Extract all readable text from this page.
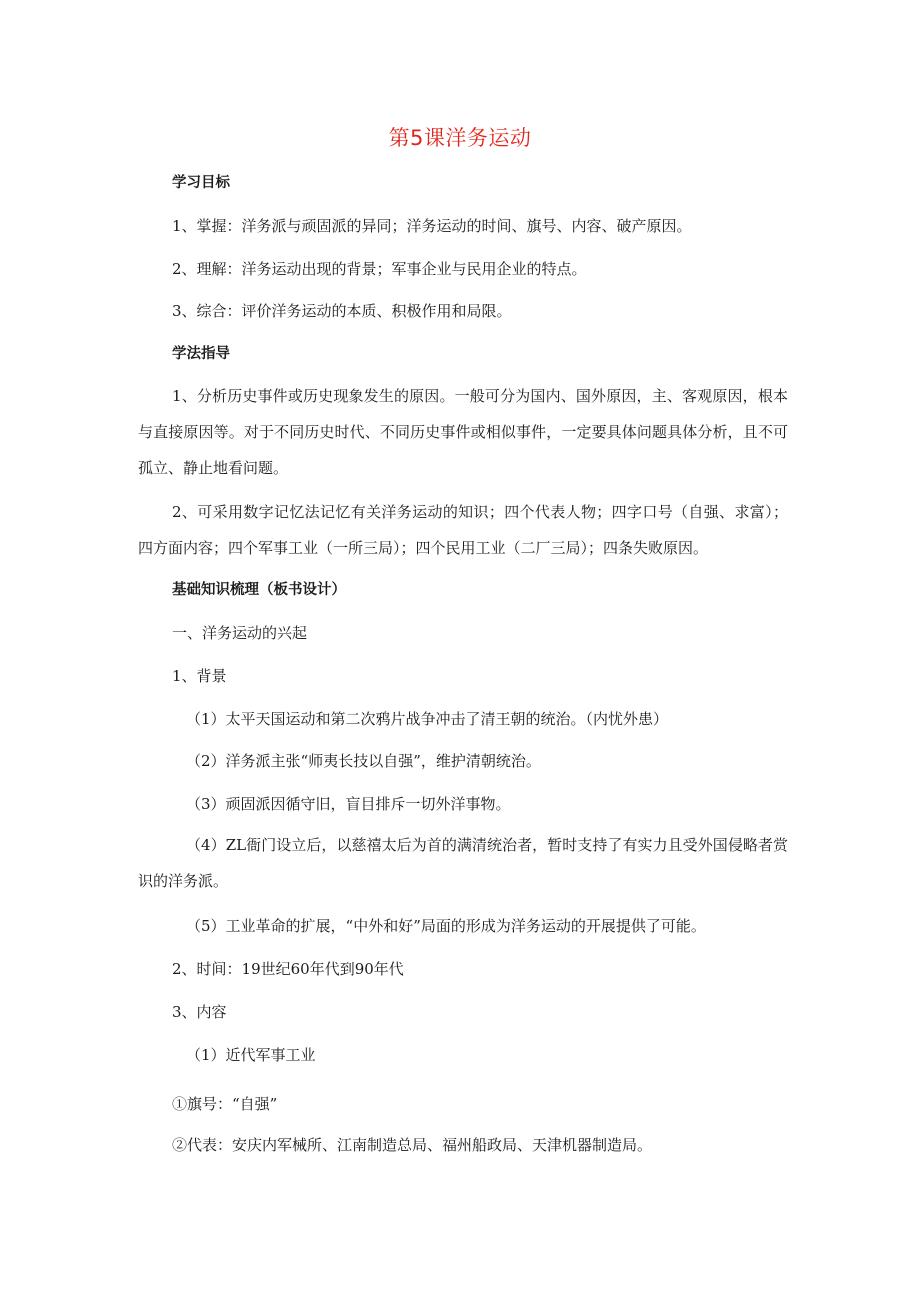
第5课洋务运动
学习目标
1、掌握：洋务派与顽固派的异同；洋务运动的时间、旗号、内容、破产原因。
2、理解：洋务运动出现的背景；军事企业与民用企业的特点。
3、综合：评价洋务运动的本质、积极作用和局限。
学法指导
1、分析历史事件或历史现象发生的原因。一般可分为国内、国外原因，主、客观原因，根本与直接原因等。对于不同历史时代、不同历史事件或相似事件，一定要具体问题具体分析，且不可孤立、静止地看问题。
2、可采用数字记忆法记忆有关洋务运动的知识；四个代表人物；四字口号（自强、求富）；四方面内容；四个军事工业（一所三局）；四个民用工业（二厂三局）；四条失败原因。
基础知识梳理（板书设计）
一、洋务运动的兴起
1、背景
（1）太平天国运动和第二次鸦片战争冲击了清王朝的统治。（内忧外患）
（2）洋务派主张“师夷长技以自强”，维护清朝统治。
（3）顽固派因循守旧，盲目排斥一切外洋事物。
（4）ZL衙门设立后，以慈禧太后为首的满清统治者，暂时支持了有实力且受外国侵略者赏识的洋务派。
（5）工业革命的扩展，“中外和好”局面的形成为洋务运动的开展提供了可能。
2、时间：19世纪60年代到90年代
3、内容
（1）近代军事工业
①旗号：“自强”
②代表：安庆内军械所、江南制造总局、福州船政局、天津机器制造局。
